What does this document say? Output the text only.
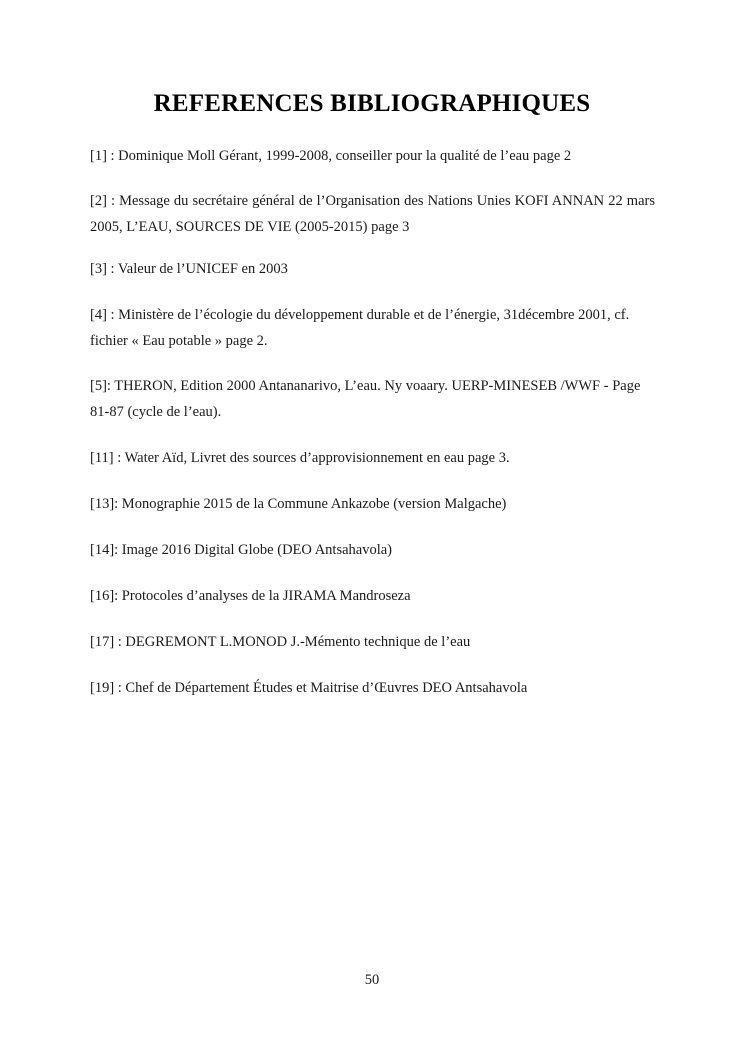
REFERENCES BIBLIOGRAPHIQUES

[1] : Dominique Moll Gérant, 1999-2008, conseiller pour la qualité de l’eau page 2

[2] : Message du secrétaire général de l’Organisation des Nations Unies KOFI ANNAN 22 mars 2005, L’EAU, SOURCES DE VIE (2005-2015) page 3

[3] : Valeur de l’UNICEF en 2003

[4] : Ministère de l’écologie du développement durable et de l’énergie, 31décembre 2001, cf. fichier « Eau potable » page 2.

[5]: THERON, Edition 2000 Antananarivo, L’eau. Ny voaary. UERP-MINESEB /WWF - Page 81-87 (cycle de l’eau).

[11] : Water Aïd, Livret des sources d’approvisionnement en eau page 3.

[13]: Monographie 2015 de la Commune Ankazobe (version Malgache)

[14]: Image 2016 Digital Globe (DEO Antsahavola)

[16]: Protocoles d’analyses de la JIRAMA Mandroseza

[17] : DEGREMONT L.MONOD J.-Mémento technique de l’eau

[19] : Chef de Département Études et Maitrise d’Œuvres DEO Antsahavola

50
